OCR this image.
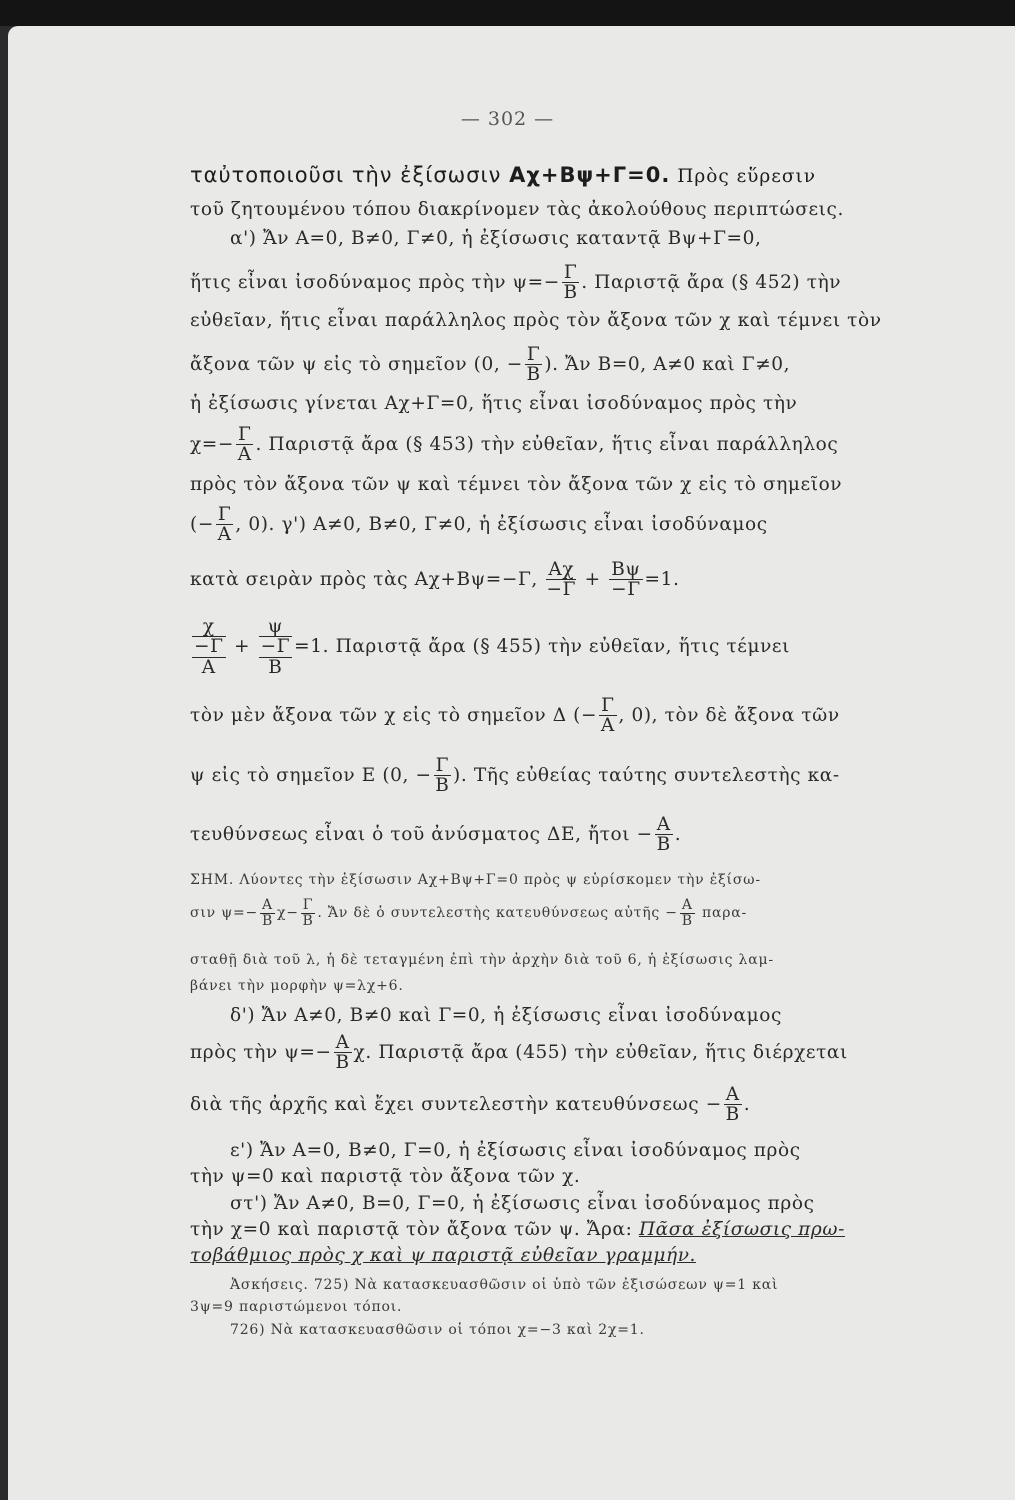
— 302 —
ταὐτοποιοῦσι τὴν ἐξίσωσιν Αχ+Βψ+Γ=0. Πρὸς εὕρεσιν
τοῦ ζητουμένου τόπου διακρίνομεν τὰς ἀκολούθους περιπτώσεις.
α') Ἄν Α=0, Β≠0, Γ≠0, ἡ ἐξίσωσις καταντᾷ Βψ+Γ=0,
ἥτις εἶναι ἰσοδύναμος πρὸς τὴν $\psi=- \frac{\Gamma}{B}$ . Παριστᾷ ἄρα (§ 452) τὴν
εὐθεῖαν, ἥτις εἶναι παράλληλος πρὸς τὸν ἄξονα τῶν χ καὶ τέμνει τὸν
ἄξονα τῶν ψ εἰς τὸ σημεῖον (0, − $\frac{\Gamma}{B}$ ). Ἄν Β=0, Α≠0 καὶ Γ≠0,
ἡ ἐξίσωσις γίνεται Αχ+Γ=0, ἥτις εἶναι ἰσοδύναμος πρὸς τὴν
$\chi=- \frac{\Gamma}{A}$ . Παριστᾷ ἄρα (§ 453) τὴν εὐθεῖαν, ἥτις εἶναι παράλληλος
πρὸς τὸν ἄξονα τῶν ψ καὶ τέμνει τὸν ἄξονα τῶν χ εἰς τὸ σημεῖον
(− $\frac{\Gamma}{A}$ , 0). γ') Α≠0, Β≠0, Γ≠0, ἡ ἐξίσωσις εἶναι ἰσοδύναμος
κατὰ σειρὰν πρὸς τὰς Αχ+Βψ=−Γ, $\frac{A\chi}{-\Gamma} + \frac{B\psi}{-\Gamma} =1$.
χ
−Γ
Α + ψ
−Γ
Β =1. Παριστᾷ ἄρα (§ 455) τὴν εὐθεῖαν, ἥτις τέμνει
τὸν μὲν ἄξονα τῶν χ εἰς τὸ σημεῖον Δ (− $\frac{\Gamma}{A}$ , 0), τὸν δὲ ἄξονα τῶν
ψ εἰς τὸ σημεῖον Ε (0, − $\frac{\Gamma}{B}$ ). Τῆς εὐθείας ταύτης συντελεστὴς κα-
τευθύνσεως εἶναι ὁ τοῦ ἀνύσματος ΔΕ, ἤτοι − $\frac{A}{B}$ .
ΣΗΜ. Λύοντες τὴν ἐξίσωσιν Αχ+Βψ+Γ=0 πρὸς ψ εὑρίσκομεν τὴν ἐξίσω-
σιν $\psi=- \frac{A}{B} \chi- \frac{\Gamma}{B}$ . Ἄν δὲ ὁ συντελεστὴς κατευθύνσεως αὐτῆς − $\frac{A}{B} \pi\alpha\rho\alpha-$
σταθῇ διὰ τοῦ λ, ἡ δὲ τεταγμένη ἐπὶ τὴν ἀρχὴν διὰ τοῦ 6, ἡ ἐξίσωσις λαμ-
βάνει τὴν μορφὴν ψ=λχ+6.
δ') Ἄν Α≠0, Β≠0 καὶ Γ=0, ἡ ἐξίσωσις εἶναι ἰσοδύναμος
πρὸς τὴν $\psi=- \frac{A}{B} \chi$. Παριστᾷ ἄρα (455) τὴν εὐθεῖαν, ἥτις διέρχεται
διὰ τῆς ἀρχῆς καὶ ἔχει συντελεστὴν $\kappa\alpha\tau\varepsilon\upsilon\theta ύ\nu\sigma\varepsilon\omega\varsigma - \frac{A}{B}$ .
ε') Ἄν Α=0, Β≠0, Γ=0, ἡ ἐξίσωσις εἶναι ἰσοδύναμος πρὸς
τὴν ψ=0 καὶ παριστᾷ τὸν ἄξονα τῶν χ.
στ') Ἄν Α≠0, Β=0, Γ=0, ἡ ἐξίσωσις εἶναι ἰσοδύναμος πρὸς
τὴν χ=0 καὶ παριστᾷ τὸν ἄξονα τῶν ψ. Ἄρα: Πᾶσα ἐξίσωσις πρω-
τοβάθμιος πρὸς χ καὶ ψ παριστᾷ εὐθεῖαν γραμμήν.
Ἀσκήσεις. 725) Νὰ κατασκευασθῶσιν οἱ ὑπὸ τῶν ἐξισώσεων ψ=1 καὶ
3ψ=9 παριστώμενοι τόποι.
726) Νὰ κατασκευασθῶσιν οἱ τόποι χ=−3 καὶ 2χ=1.
